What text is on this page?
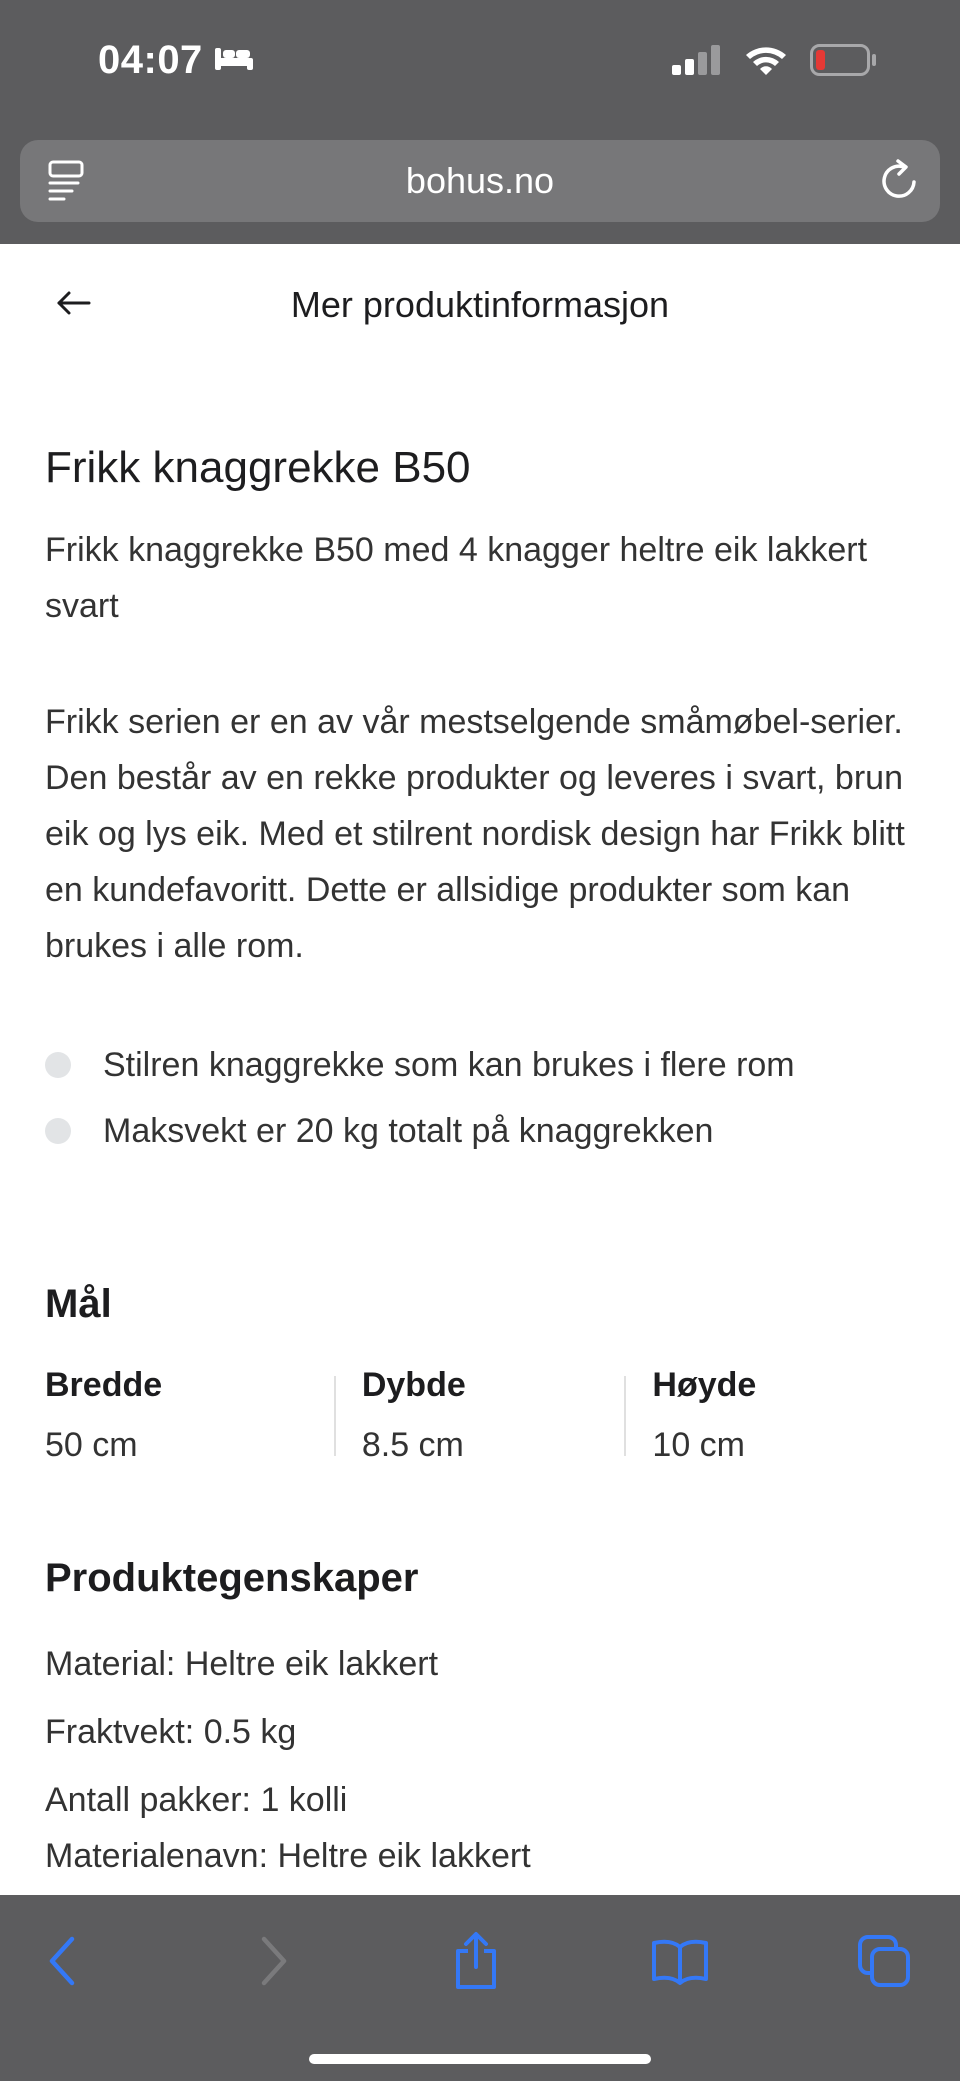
04:07
bohus.no
Mer produktinformasjon
Frikk knaggrekke B50

Frikk knaggrekke B50 med 4 knagger heltre eik lakkert svart

Frikk serien er en av vår mestselgende småmøbel-serier. Den består av en rekke produkter og leveres i svart, brun eik og lys eik. Med et stilrent nordisk design har Frikk blitt en kundefavoritt. Dette er allsidige produkter som kan brukes i alle rom.

Stilren knaggrekke som kan brukes i flere rom
Maksvekt er 20 kg totalt på knaggrekken
Mål
Bredde
50 cm
Dybde
8.5 cm
Høyde
10 cm
Produktegenskaper
Material: Heltre eik lakkert
Fraktvekt: 0.5 kg
Antall pakker: 1 kolli
Materialenavn: Heltre eik lakkert
